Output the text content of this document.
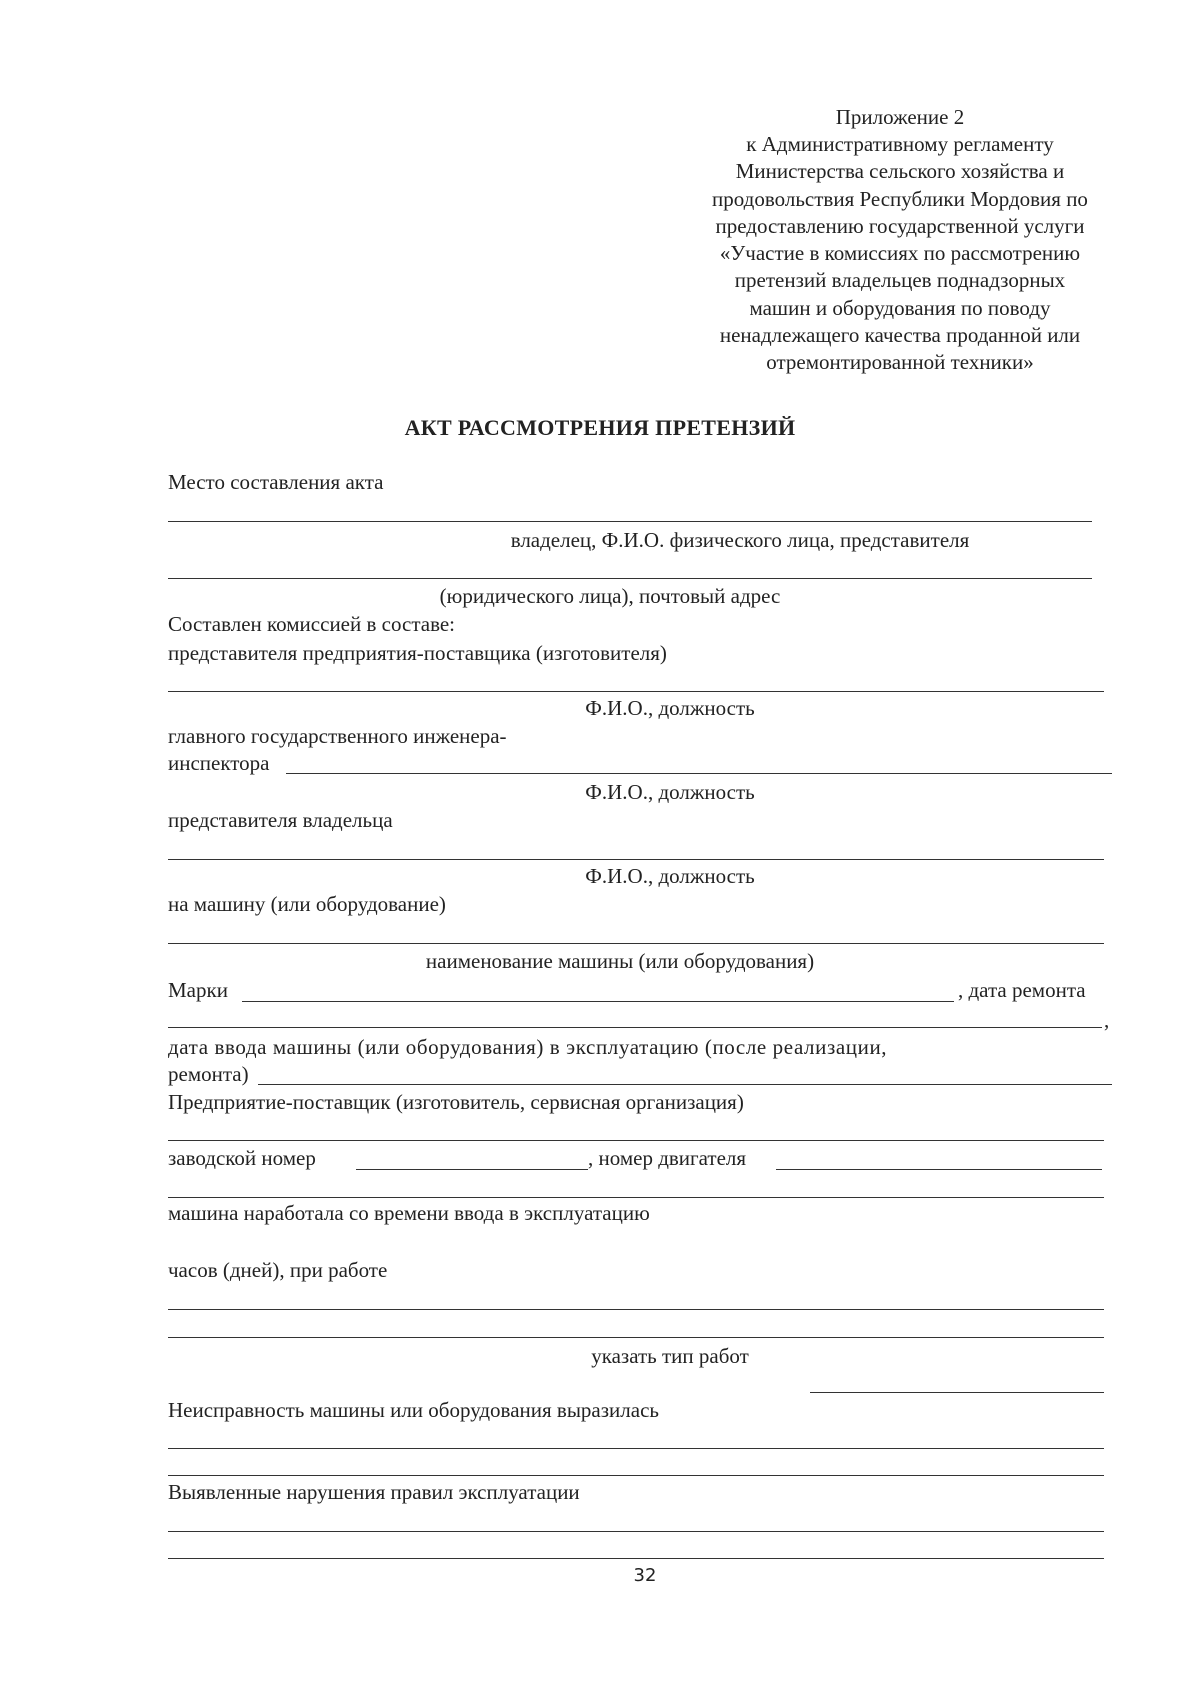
Приложение 2
к Административному регламенту
Министерства сельского хозяйства и
продовольствия Республики Мордовия по
предоставлению государственной услуги
«Участие в комиссиях по рассмотрению
претензий владельцев поднадзорных
машин и оборудования по поводу
ненадлежащего качества проданной или
отремонтированной техники»
АКТ РАССМОТРЕНИЯ ПРЕТЕНЗИЙ
Место составления акта
владелец, Ф.И.О. физического лица, представителя
(юридического лица), почтовый адрес
Составлен комиссией в составе:
представителя предприятия-поставщика (изготовителя)
Ф.И.О., должность
главного государственного инженера-
инспектора
Ф.И.О., должность
представителя владельца
Ф.И.О., должность
на машину (или оборудование)
наименование машины (или оборудования)
Марки	, дата ремонта
,
дата ввода машины (или оборудования) в эксплуатацию (после реализации,
ремонта)
Предприятие-поставщик (изготовитель, сервисная организация)
заводской номер	, номер двигателя
машина наработала со времени ввода в эксплуатацию
часов (дней), при работе
указать тип работ
Неисправность машины или оборудования выразилась
Выявленные нарушения правил эксплуатации
32
